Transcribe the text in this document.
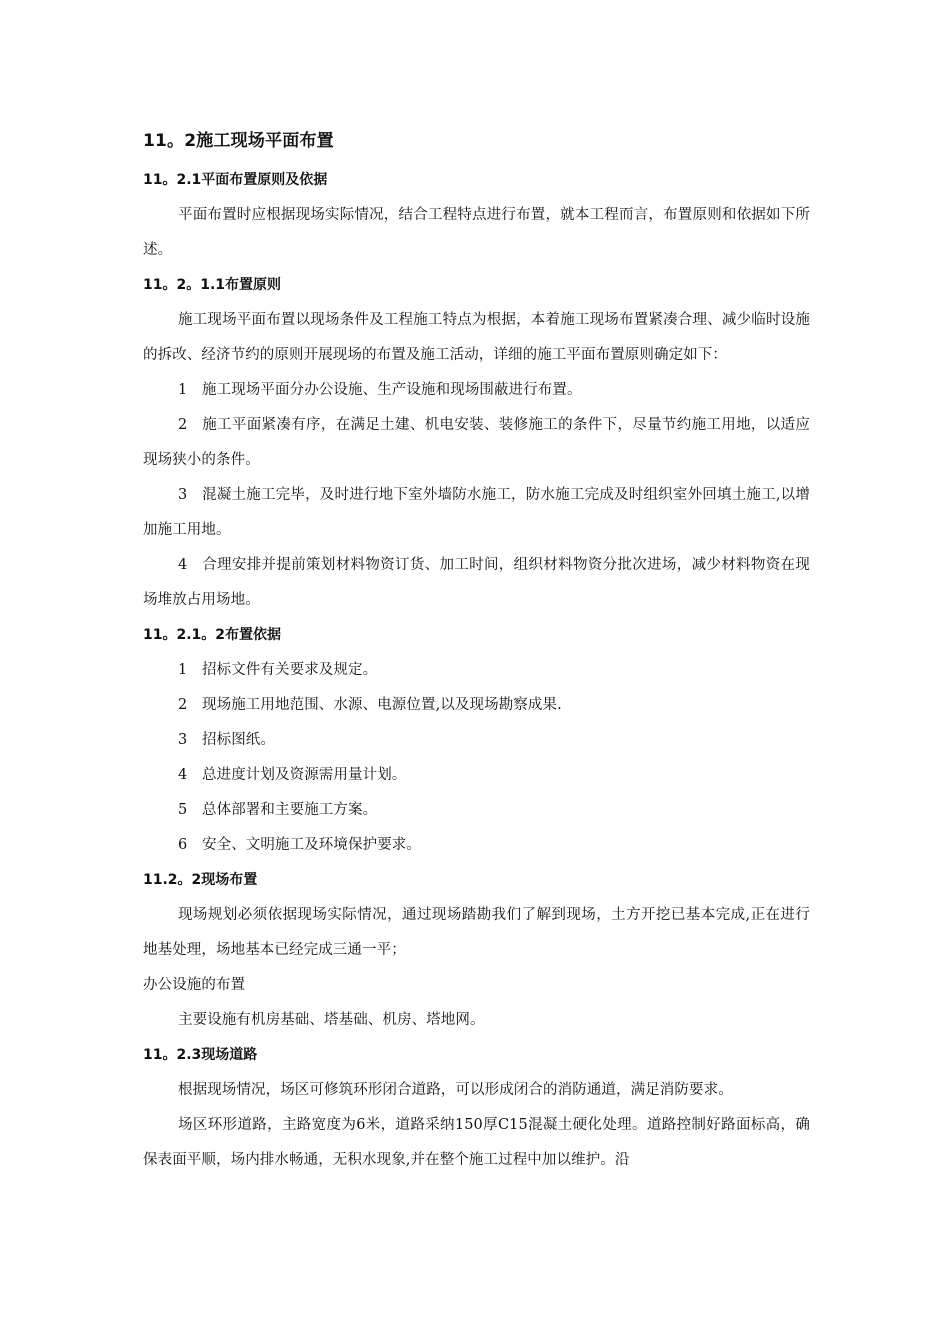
11。2施工现场平面布置
11。2.1平面布置原则及依据

平面布置时应根据现场实际情况，结合工程特点进行布置，就本工程而言，布置原则和依据如下所述。

11。2。1.1布置原则

施工现场平面布置以现场条件及工程施工特点为根据，本着施工现场布置紧凑合理、减少临时设施的拆改、经济节约的原则开展现场的布置及施工活动，详细的施工平面布置原则确定如下：

1 施工现场平面分办公设施、生产设施和现场围蔽进行布置。

2 施工平面紧凑有序，在满足土建、机电安装、装修施工的条件下，尽量节约施工用地，以适应现场狭小的条件。

3 混凝土施工完毕，及时进行地下室外墙防水施工，防水施工完成及时组织室外回填土施工,以增加施工用地。

4 合理安排并提前策划材料物资订货、加工时间，组织材料物资分批次进场，减少材料物资在现场堆放占用场地。

11。2.1。2布置依据

1 招标文件有关要求及规定。

2 现场施工用地范围、水源、电源位置,以及现场勘察成果.

3 招标图纸。

4 总进度计划及资源需用量计划。

5 总体部署和主要施工方案。

6 安全、文明施工及环境保护要求。

11.2。2现场布置

现场规划必须依据现场实际情况，通过现场踏勘我们了解到现场，土方开挖已基本完成,正在进行地基处理，场地基本已经完成三通一平；

办公设施的布置

主要设施有机房基础、塔基础、机房、塔地网。

11。2.3现场道路

根据现场情况，场区可修筑环形闭合道路，可以形成闭合的消防通道，满足消防要求。

场区环形道路，主路宽度为6米，道路采纳150厚C15混凝土硬化处理。道路控制好路面标高，确保表面平顺，场内排水畅通，无积水现象,并在整个施工过程中加以维护。沿
